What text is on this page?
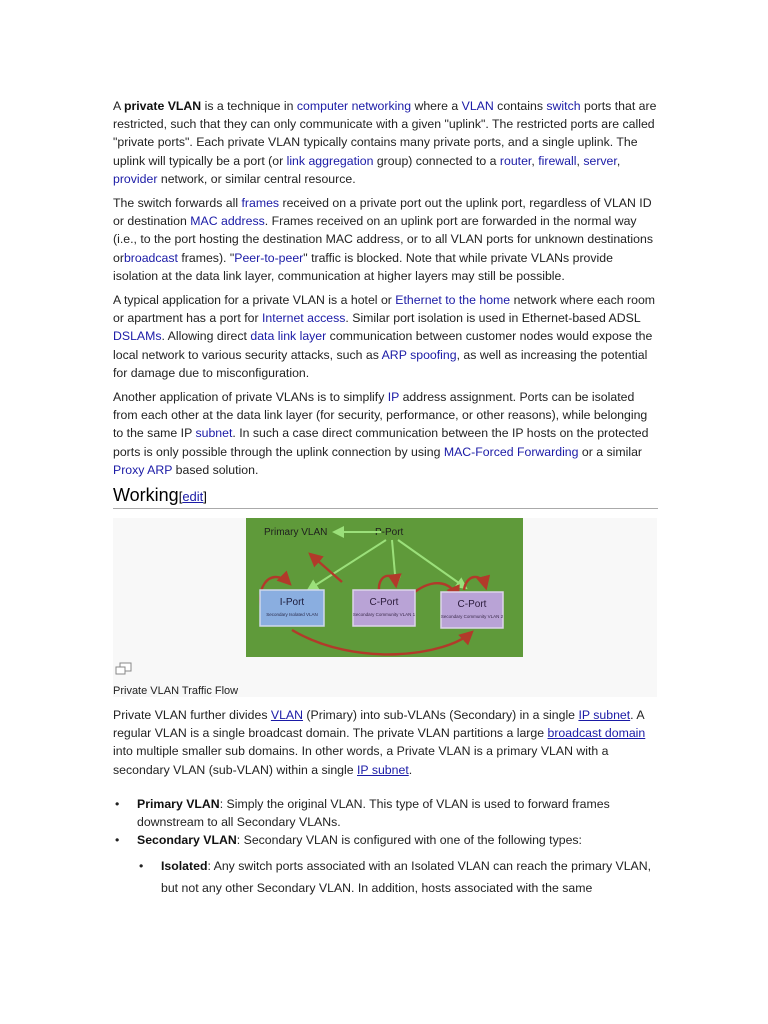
A private VLAN is a technique in computer networking where a VLAN contains switch ports that are restricted, such that they can only communicate with a given "uplink". The restricted ports are called "private ports". Each private VLAN typically contains many private ports, and a single uplink. The uplink will typically be a port (or link aggregation group) connected to a router, firewall, server, provider network, or similar central resource.

The switch forwards all frames received on a private port out the uplink port, regardless of VLAN ID or destination MAC address. Frames received on an uplink port are forwarded in the normal way (i.e., to the port hosting the destination MAC address, or to all VLAN ports for unknown destinations orbroadcast frames). "Peer-to-peer" traffic is blocked. Note that while private VLANs provide isolation at the data link layer, communication at higher layers may still be possible.

A typical application for a private VLAN is a hotel or Ethernet to the home network where each room or apartment has a port for Internet access. Similar port isolation is used in Ethernet-based ADSL DSLAMs. Allowing direct data link layer communication between customer nodes would expose the local network to various security attacks, such as ARP spoofing, as well as increasing the potential for damage due to misconfiguration.

Another application of private VLANs is to simplify IP address assignment. Ports can be isolated from each other at the data link layer (for security, performance, or other reasons), while belonging to the same IP subnet. In such a case direct communication between the IP hosts on the protected ports is only possible through the uplink connection by using MAC-Forced Forwarding or a similar Proxy ARP based solution.

Working[edit]
Primary VLAN	P-Port
I-Port
Secondary Isolated VLAN
C-Port
Secondary Community VLAN 1
C-Port
Secondary Community VLAN 2
Private VLAN Traffic Flow

Private VLAN further divides VLAN (Primary) into sub-VLANs (Secondary) in a single IP subnet. A regular VLAN is a single broadcast domain. The private VLAN partitions a large broadcast domain into multiple smaller sub domains. In other words, a Private VLAN is a primary VLAN with a secondary VLAN (sub-VLAN) within a single IP subnet.

• Primary VLAN: Simply the original VLAN. This type of VLAN is used to forward frames downstream to all Secondary VLANs.
• Secondary VLAN: Secondary VLAN is configured with one of the following types:
• Isolated: Any switch ports associated with an Isolated VLAN can reach the primary VLAN, but not any other Secondary VLAN. In addition, hosts associated with the same
